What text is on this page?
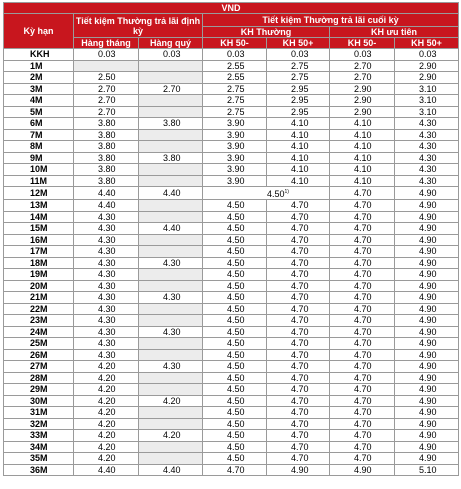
VND						
Kỳ hạn	Tiết kiệm Thường trả lãi định kỳ		Tiết kiệm Thường trả lãi cuối kỳ			
			KH Thường		KH ưu tiên	
	Hàng tháng	Hàng quý	KH 50-	KH 50+	KH 50-	KH 50+
KKH	0.03	0.03	0.03	0.03	0.03	0.03
1M			2.55	2.75	2.70	2.90
2M	2.50		2.55	2.75	2.70	2.90
3M	2.70	2.70	2.75	2.95	2.90	3.10
4M	2.70		2.75	2.95	2.90	3.10
5M	2.70		2.75	2.95	2.90	3.10
6M	3.80	3.80	3.90	4.10	4.10	4.30
7M	3.80		3.90	4.10	4.10	4.30
8M	3.80		3.90	4.10	4.10	4.30
9M	3.80	3.80	3.90	4.10	4.10	4.30
10M	3.80		3.90	4.10	4.10	4.30
11M	3.80		3.90	4.10	4.10	4.30
12M	4.40	4.40	4.50$^{1)}$		4.70	4.90
13M	4.40		4.50	4.70	4.70	4.90
14M	4.30		4.50	4.70	4.70	4.90
15M	4.30	4.40	4.50	4.70	4.70	4.90
16M	4.30		4.50	4.70	4.70	4.90
17M	4.30		4.50	4.70	4.70	4.90
18M	4.30	4.30	4.50	4.70	4.70	4.90
19M	4.30		4.50	4.70	4.70	4.90
20M	4.30		4.50	4.70	4.70	4.90
21M	4.30	4.30	4.50	4.70	4.70	4.90
22M	4.30		4.50	4.70	4.70	4.90
23M	4.30		4.50	4.70	4.70	4.90
24M	4.30	4.30	4.50	4.70	4.70	4.90
25M	4.30		4.50	4.70	4.70	4.90
26M	4.30		4.50	4.70	4.70	4.90
27M	4.20	4.30	4.50	4.70	4.70	4.90
28M	4.20		4.50	4.70	4.70	4.90
29M	4.20		4.50	4.70	4.70	4.90
30M	4.20	4.20	4.50	4.70	4.70	4.90
31M	4.20		4.50	4.70	4.70	4.90
32M	4.20		4.50	4.70	4.70	4.90
33M	4.20	4.20	4.50	4.70	4.70	4.90
34M	4.20		4.50	4.70	4.70	4.90
35M	4.20		4.50	4.70	4.70	4.90
36M	4.40	4.40	4.70	4.90	4.90	5.10
